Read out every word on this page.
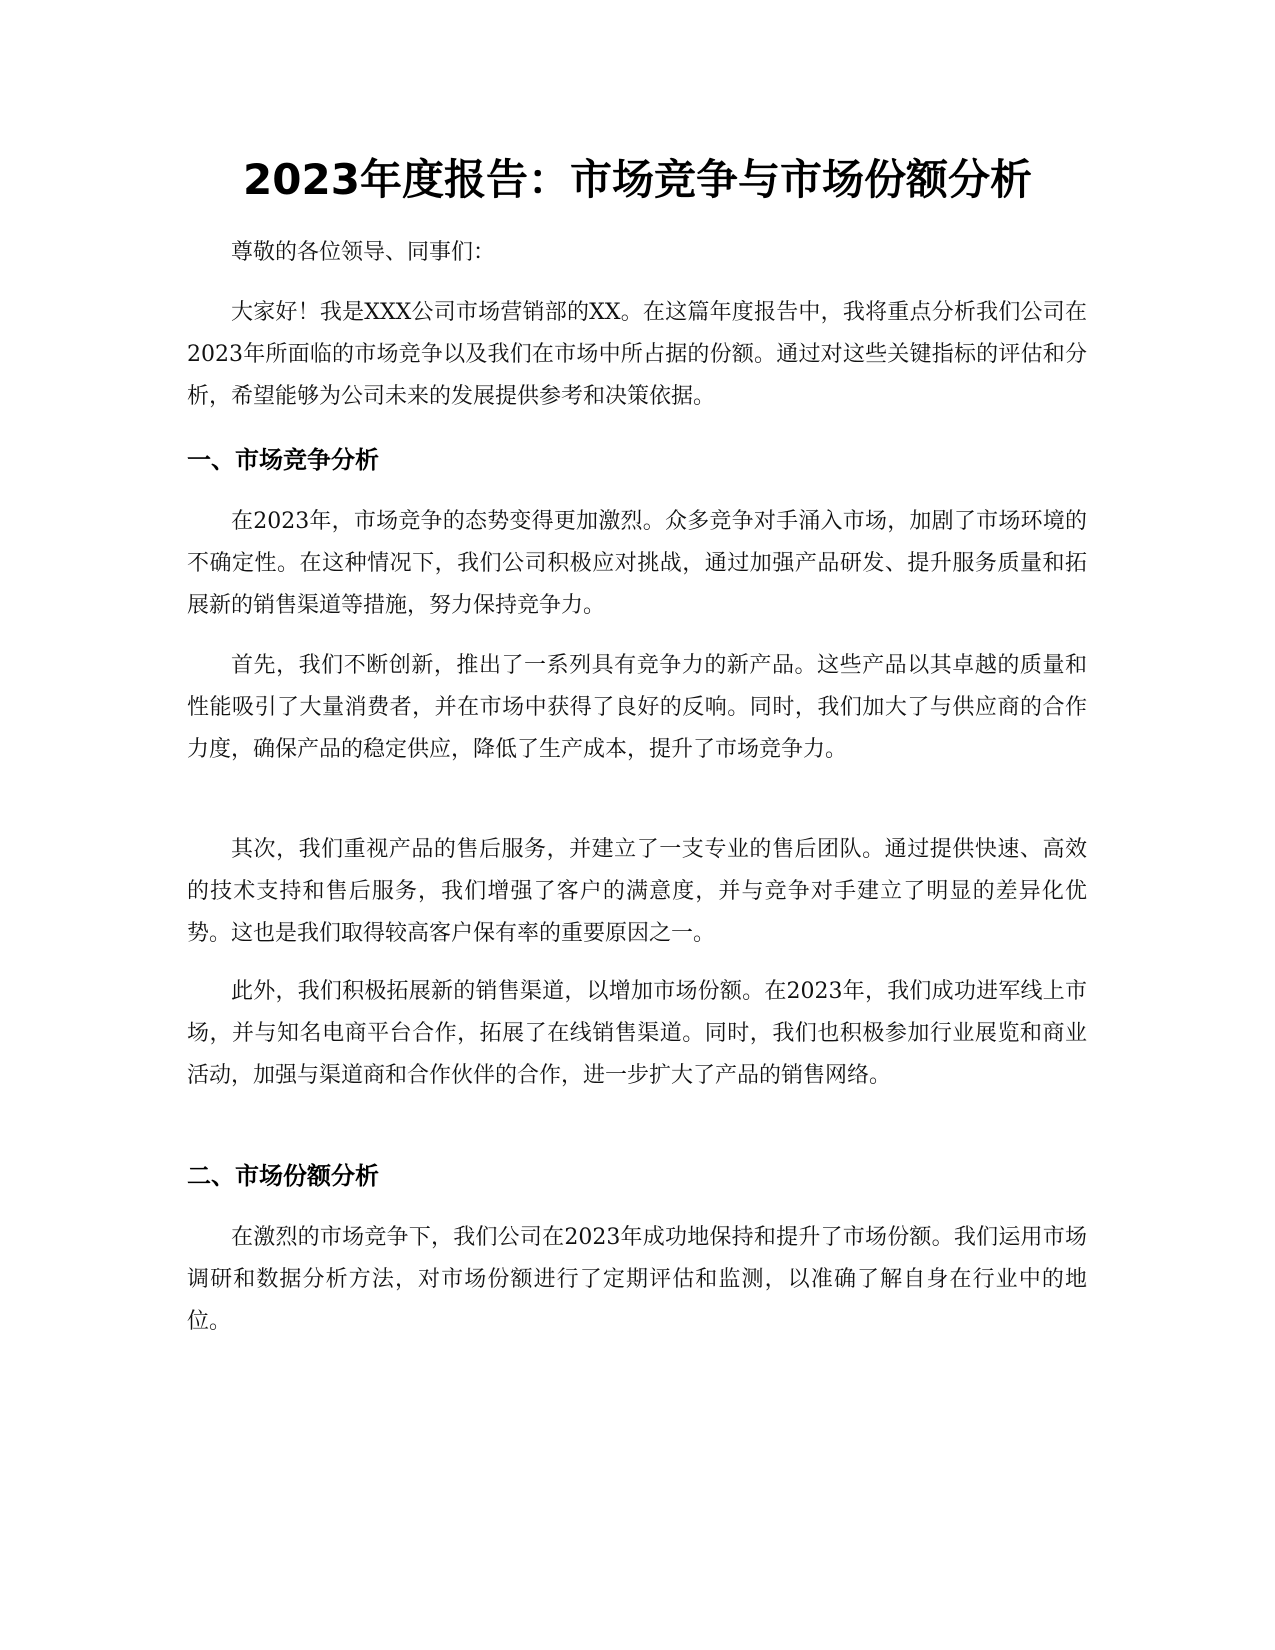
2023年度报告：市场竞争与市场份额分析

尊敬的各位领导、同事们：

大家好！我是XXX公司市场营销部的XX。在这篇年度报告中，我将重点分析我们公司在2023年所面临的市场竞争以及我们在市场中所占据的份额。通过对这些关键指标的评估和分析，希望能够为公司未来的发展提供参考和决策依据。

一、市场竞争分析

在2023年，市场竞争的态势变得更加激烈。众多竞争对手涌入市场，加剧了市场环境的不确定性。在这种情况下，我们公司积极应对挑战，通过加强产品研发、提升服务质量和拓展新的销售渠道等措施，努力保持竞争力。

首先，我们不断创新，推出了一系列具有竞争力的新产品。这些产品以其卓越的质量和性能吸引了大量消费者，并在市场中获得了良好的反响。同时，我们加大了与供应商的合作力度，确保产品的稳定供应，降低了生产成本，提升了市场竞争力。

其次，我们重视产品的售后服务，并建立了一支专业的售后团队。通过提供快速、高效的技术支持和售后服务，我们增强了客户的满意度，并与竞争对手建立了明显的差异化优势。这也是我们取得较高客户保有率的重要原因之一。

此外，我们积极拓展新的销售渠道，以增加市场份额。在2023年，我们成功进军线上市场，并与知名电商平台合作，拓展了在线销售渠道。同时，我们也积极参加行业展览和商业活动，加强与渠道商和合作伙伴的合作，进一步扩大了产品的销售网络。

二、市场份额分析

在激烈的市场竞争下，我们公司在2023年成功地保持和提升了市场份额。我们运用市场调研和数据分析方法，对市场份额进行了定期评估和监测，以准确了解自身在行业中的地位。
